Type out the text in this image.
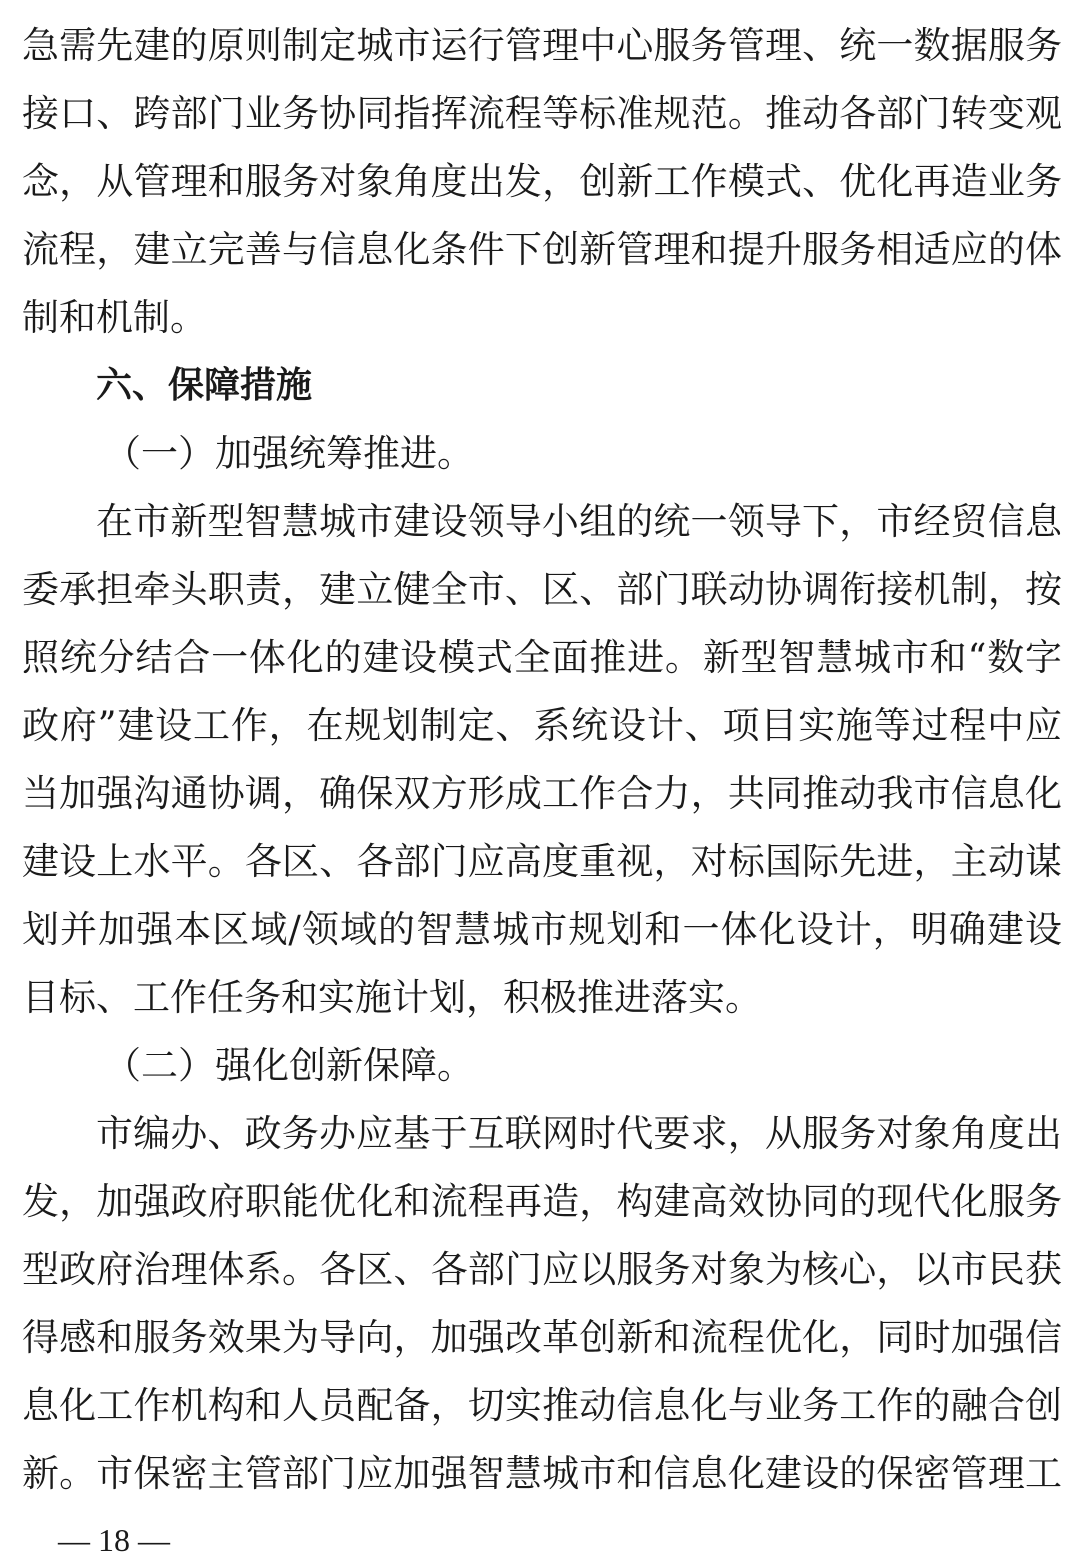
急需先建的原则制定城市运行管理中心服务管理、统一数据服务
接口、跨部门业务协同指挥流程等标准规范。推动各部门转变观
念，从管理和服务对象角度出发，创新工作模式、优化再造业务
流程，建立完善与信息化条件下创新管理和提升服务相适应的体
制和机制。
六、保障措施
（一）加强统筹推进。
在市新型智慧城市建设领导小组的统一领导下，市经贸信息
委承担牵头职责，建立健全市、区、部门联动协调衔接机制，按
照统分结合一体化的建设模式全面推进。新型智慧城市和“数字
政府”建设工作，在规划制定、系统设计、项目实施等过程中应
当加强沟通协调，确保双方形成工作合力，共同推动我市信息化
建设上水平。各区、各部门应高度重视，对标国际先进，主动谋
划并加强本区域/领域的智慧城市规划和一体化设计，明确建设
目标、工作任务和实施计划，积极推进落实。
（二）强化创新保障。
市编办、政务办应基于互联网时代要求，从服务对象角度出
发，加强政府职能优化和流程再造，构建高效协同的现代化服务
型政府治理体系。各区、各部门应以服务对象为核心，以市民获
得感和服务效果为导向，加强改革创新和流程优化，同时加强信
息化工作机构和人员配备，切实推动信息化与业务工作的融合创
新。市保密主管部门应加强智慧城市和信息化建设的保密管理工
— 18 —
